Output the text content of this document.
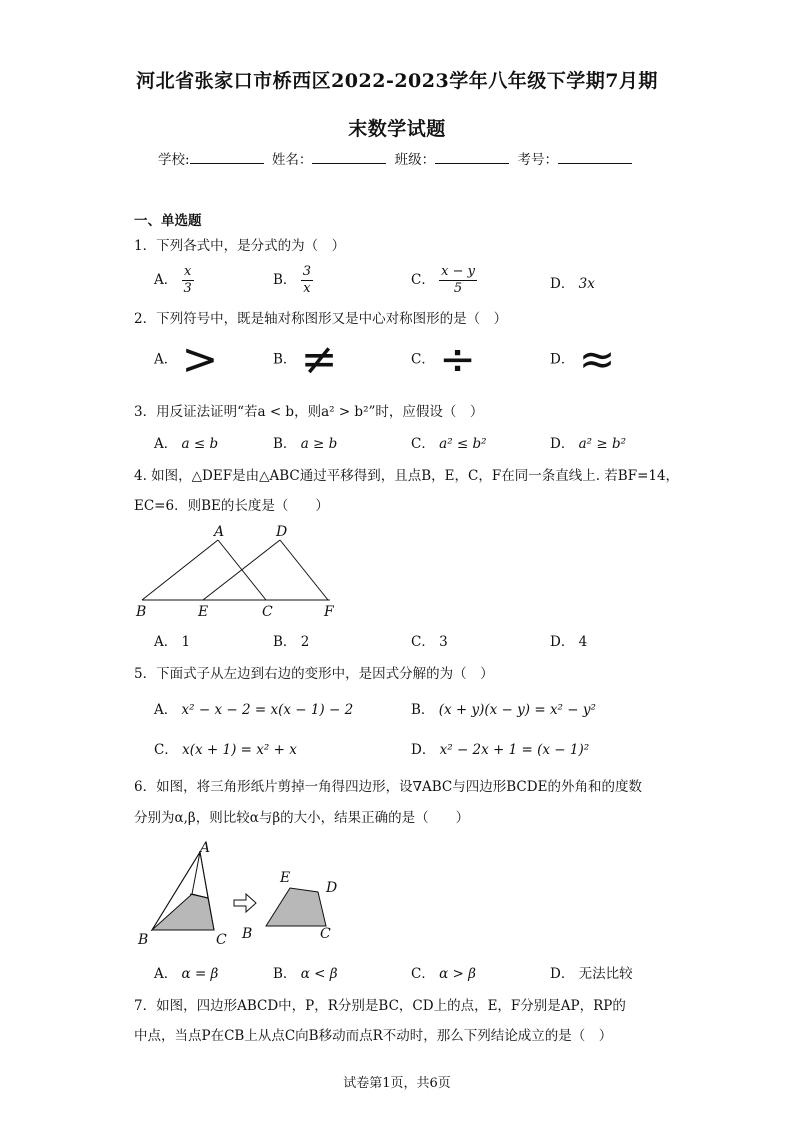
河北省张家口市桥西区2022-2023学年八年级下学期7月期
末数学试题
学校:	姓名：	班级：	考号：
一、单选题
1．下列各式中，是分式的为（　）
A． $\frac{x}{3}$	B． $\frac{3}{x}$	C． $\frac{x - y}{5}$	D． 3x
2．下列符号中，既是轴对称图形又是中心对称图形的是（　）
A． >	B． ≠	C． ÷	D． ≈
3．用反证法证明“若a < b，则a² > b²”时，应假设（　）
A． a ≤ b	B． a ≥ b	C． a² ≤ b²	D． a² ≥ b²
4. 如图，△DEF是由△ABC通过平移得到，且点B，E，C，F在同一条直线上. 若BF=14，
EC=6．则BE的长度是（　　）
A	D
B	E	C	F
A． 1	B． 2	C． 3	D． 4
5．下面式子从左边到右边的变形中，是因式分解的为（　）
A． x² − x − 2 = x(x − 1) − 2	B． (x + y)(x − y) = x² − y²
C． x(x + 1) = x² + x	D． x² − 2x + 1 = (x − 1)²
6．如图，将三角形纸片剪掉一角得四边形，设∇ABC与四边形BCDE的外角和的度数
分别为α,β，则比较α与β的大小，结果正确的是（　　）
A
B	C
E
D
B	C
A． α = β	B． α < β	C． α > β	D． 无法比较
7．如图，四边形ABCD中，P，R分别是BC，CD上的点，E，F分别是AP，RP的
中点，当点P在CB上从点C向B移动而点R不动时，那么下列结论成立的是（　）
试卷第1页，共6页
